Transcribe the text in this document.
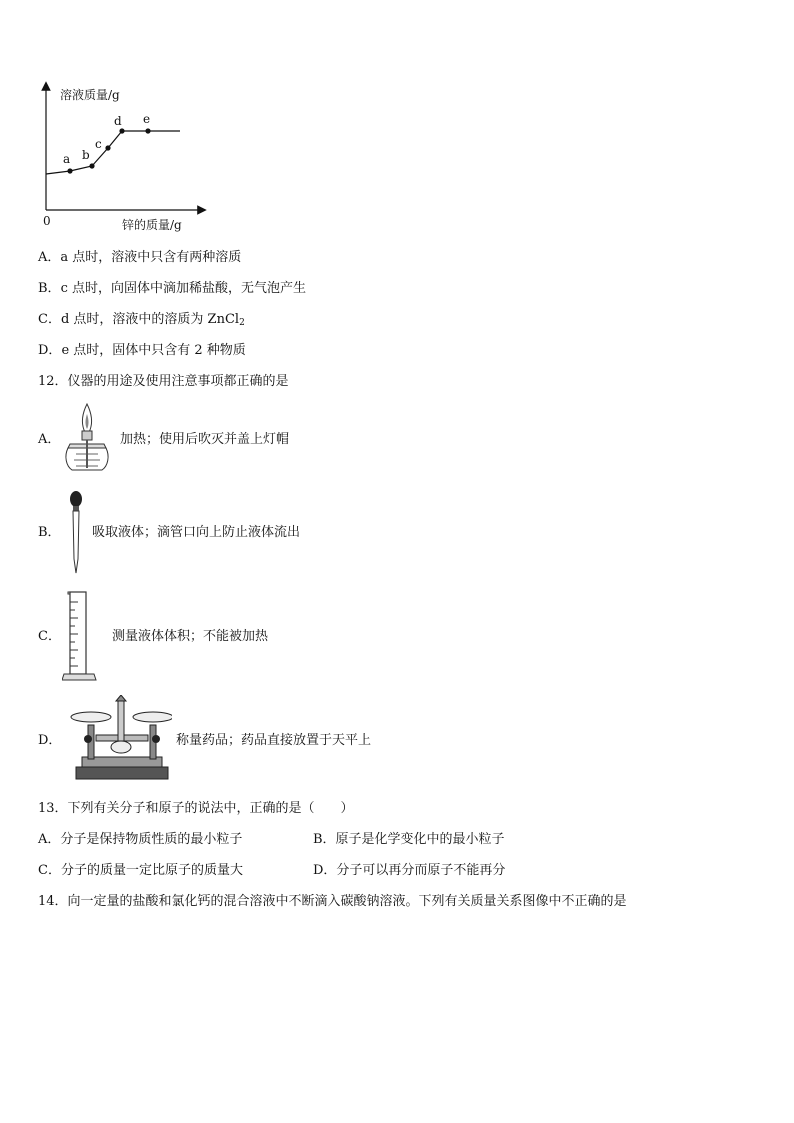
溶液质量/g
锌的质量/g
0
a b
c
d e
A．a 点时，溶液中只含有两种溶质
B．c 点时，向固体中滴加稀盐酸，无气泡产生
C．d 点时，溶液中的溶质为 ZnCl$_2$
D．e 点时，固体中只含有 2 种物质
12．仪器的用途及使用注意事项都正确的是
A．	加热；使用后吹灭并盖上灯帽
B． 吸取液体；滴管口向上防止液体流出
C．	测量液体体积；不能被加热
D．	称量药品；药品直接放置于天平上
13．下列有关分子和原子的说法中，正确的是（　　）
A．分子是保持物质性质的最小粒子	B．原子是化学变化中的最小粒子
C．分子的质量一定比原子的质量大	D．分子可以再分而原子不能再分
14．向一定量的盐酸和氯化钙的混合溶液中不断滴入碳酸钠溶液。下列有关质量关系图像中不正确的是
